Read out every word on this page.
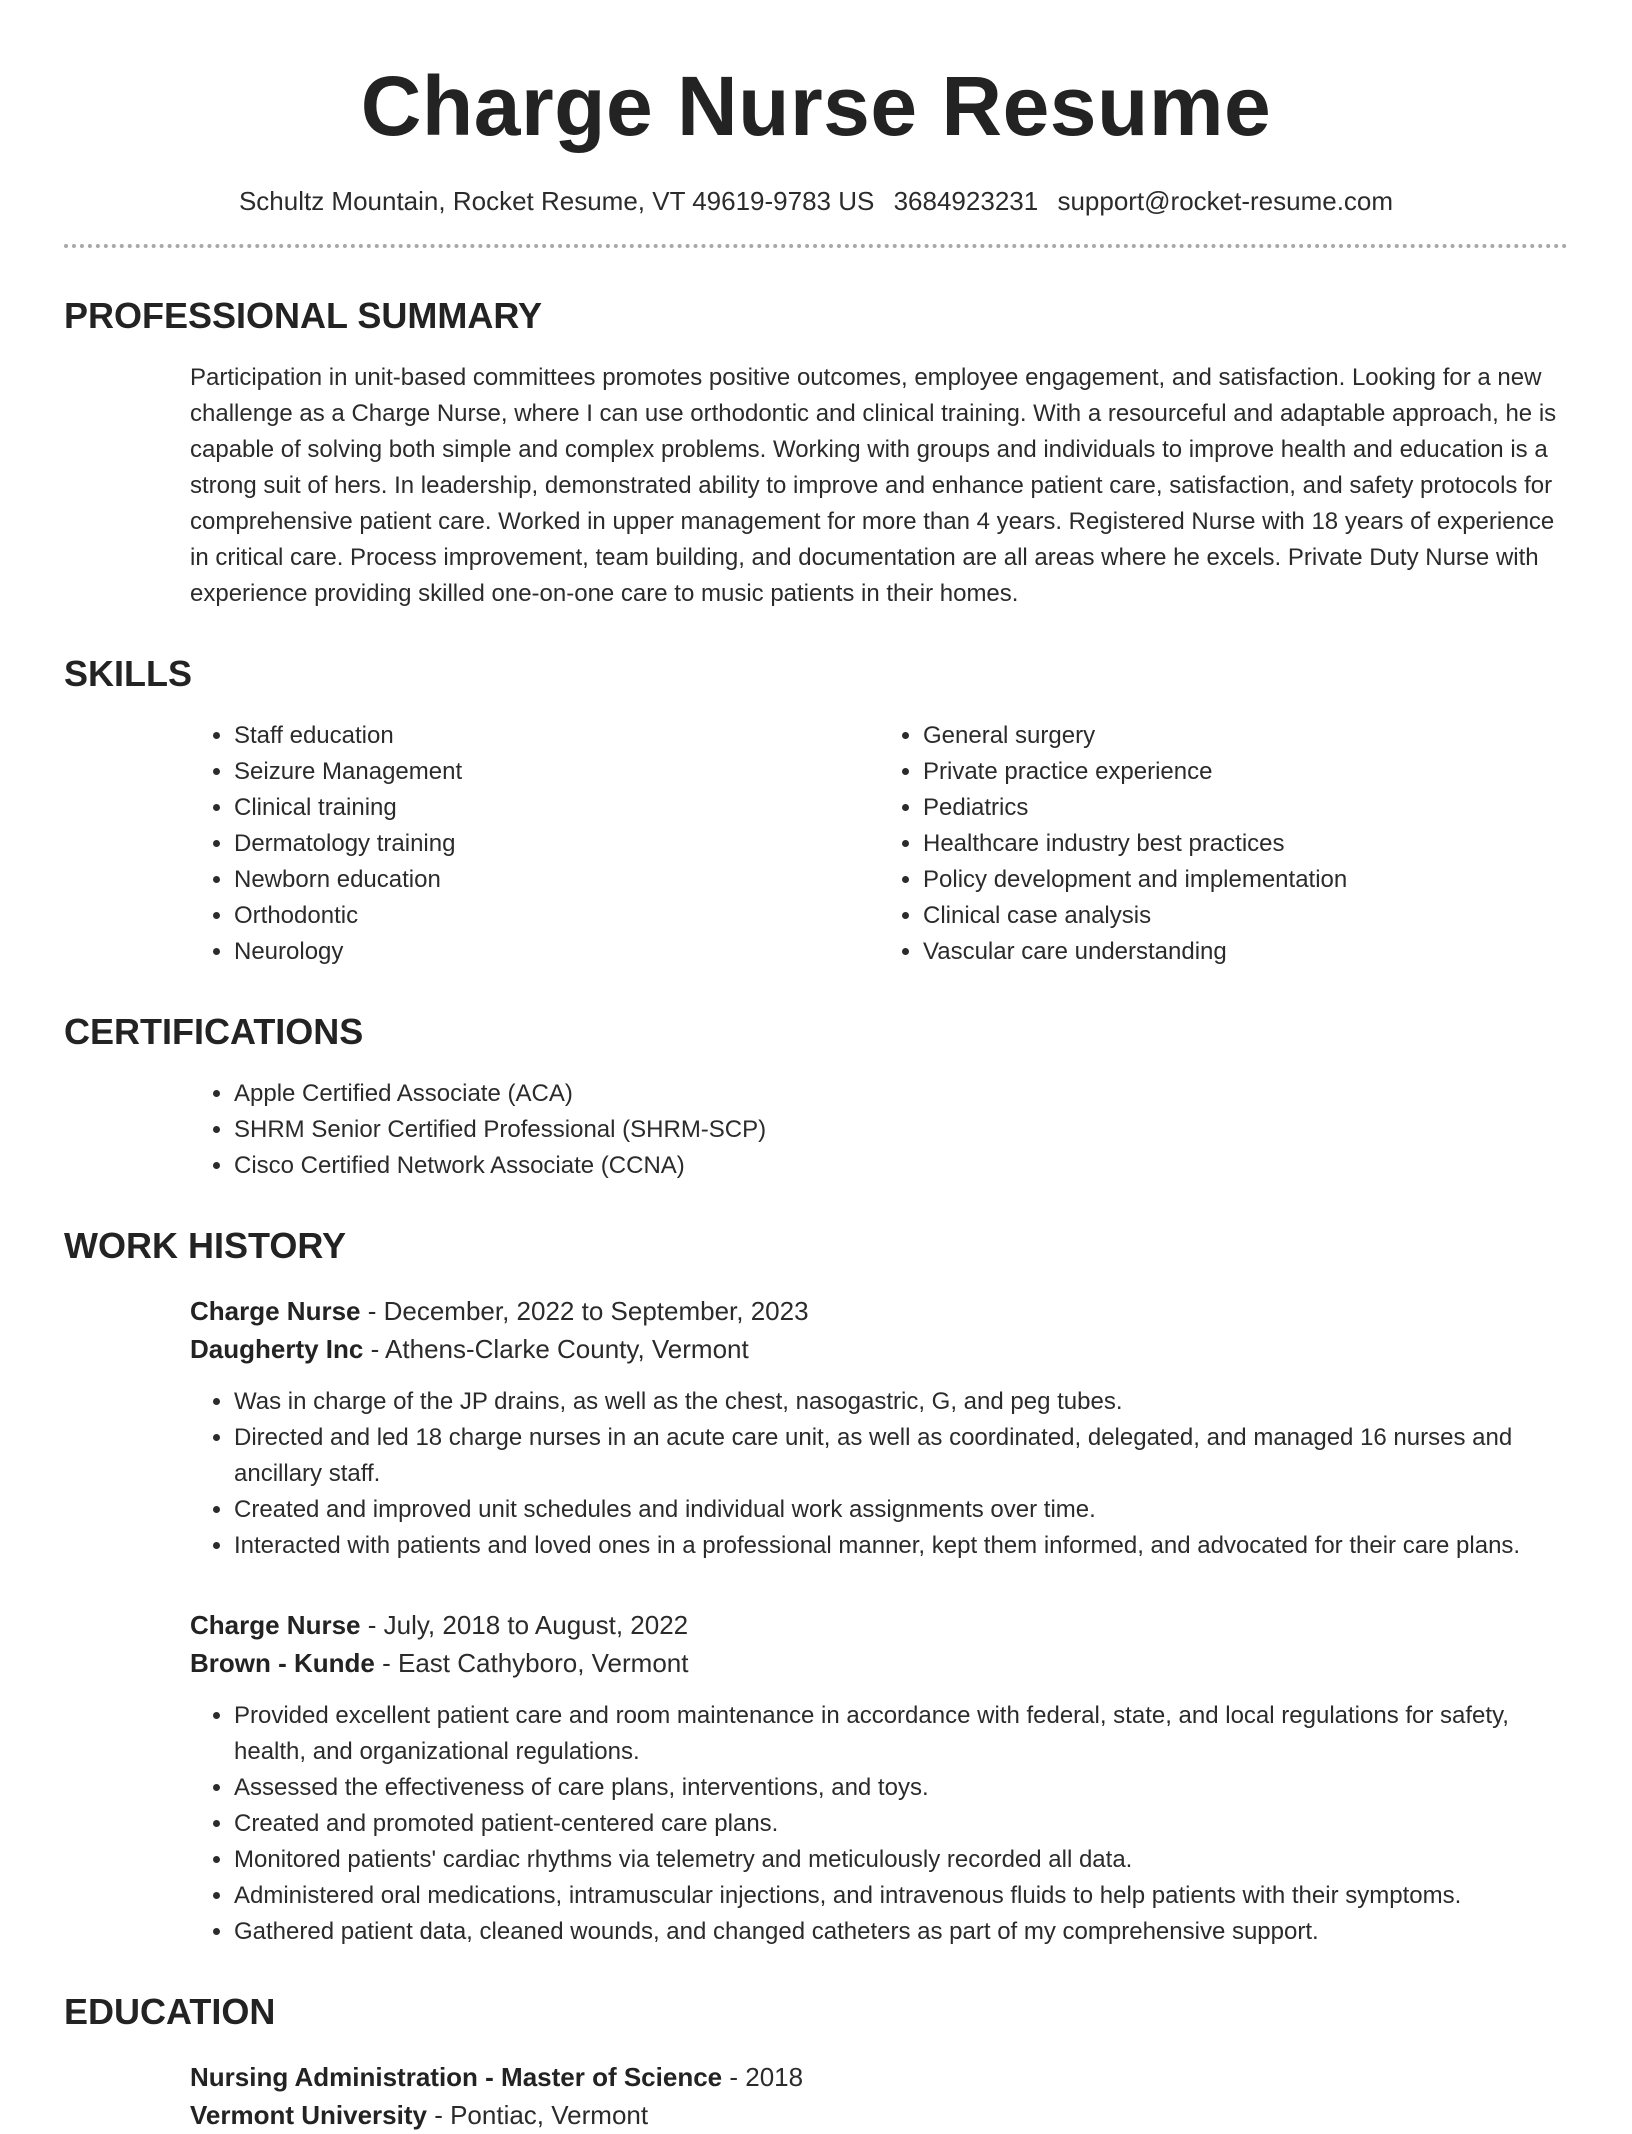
Charge Nurse Resume
Schultz Mountain, Rocket Resume, VT 49619-9783 US 3684923231 support@rocket-resume.com
PROFESSIONAL SUMMARY

Participation in unit-based committees promotes positive outcomes, employee engagement, and satisfaction. Looking for a new challenge as a Charge Nurse, where I can use orthodontic and clinical training. With a resourceful and adaptable approach, he is capable of solving both simple and complex problems. Working with groups and individuals to improve health and education is a strong suit of hers. In leadership, demonstrated ability to improve and enhance patient care, satisfaction, and safety protocols for comprehensive patient care. Worked in upper management for more than 4 years. Registered Nurse with 18 years of experience in critical care. Process improvement, team building, and documentation are all areas where he excels. Private Duty Nurse with experience providing skilled one-on-one care to music patients in their homes.

SKILLS
• Staff education
• Seizure Management
• Clinical training
• Dermatology training
• Newborn education
• Orthodontic
• Neurology
• General surgery
• Private practice experience
• Pediatrics
• Healthcare industry best practices
• Policy development and implementation
• Clinical case analysis
• Vascular care understanding
CERTIFICATIONS
• Apple Certified Associate (ACA)
• SHRM Senior Certified Professional (SHRM-SCP)
• Cisco Certified Network Associate (CCNA)
WORK HISTORY
Charge Nurse - December, 2022 to September, 2023
Daugherty Inc - Athens-Clarke County, Vermont
• Was in charge of the JP drains, as well as the chest, nasogastric, G, and peg tubes.
• Directed and led 18 charge nurses in an acute care unit, as well as coordinated, delegated, and managed 16 nurses and ancillary staff.
• Created and improved unit schedules and individual work assignments over time.
• Interacted with patients and loved ones in a professional manner, kept them informed, and advocated for their care plans.
Charge Nurse - July, 2018 to August, 2022
Brown - Kunde - East Cathyboro, Vermont
• Provided excellent patient care and room maintenance in accordance with federal, state, and local regulations for safety, health, and organizational regulations.
• Assessed the effectiveness of care plans, interventions, and toys.
• Created and promoted patient-centered care plans.
• Monitored patients' cardiac rhythms via telemetry and meticulously recorded all data.
• Administered oral medications, intramuscular injections, and intravenous fluids to help patients with their symptoms.
• Gathered patient data, cleaned wounds, and changed catheters as part of my comprehensive support.
EDUCATION
Nursing Administration - Master of Science - 2018
Vermont University - Pontiac, Vermont
